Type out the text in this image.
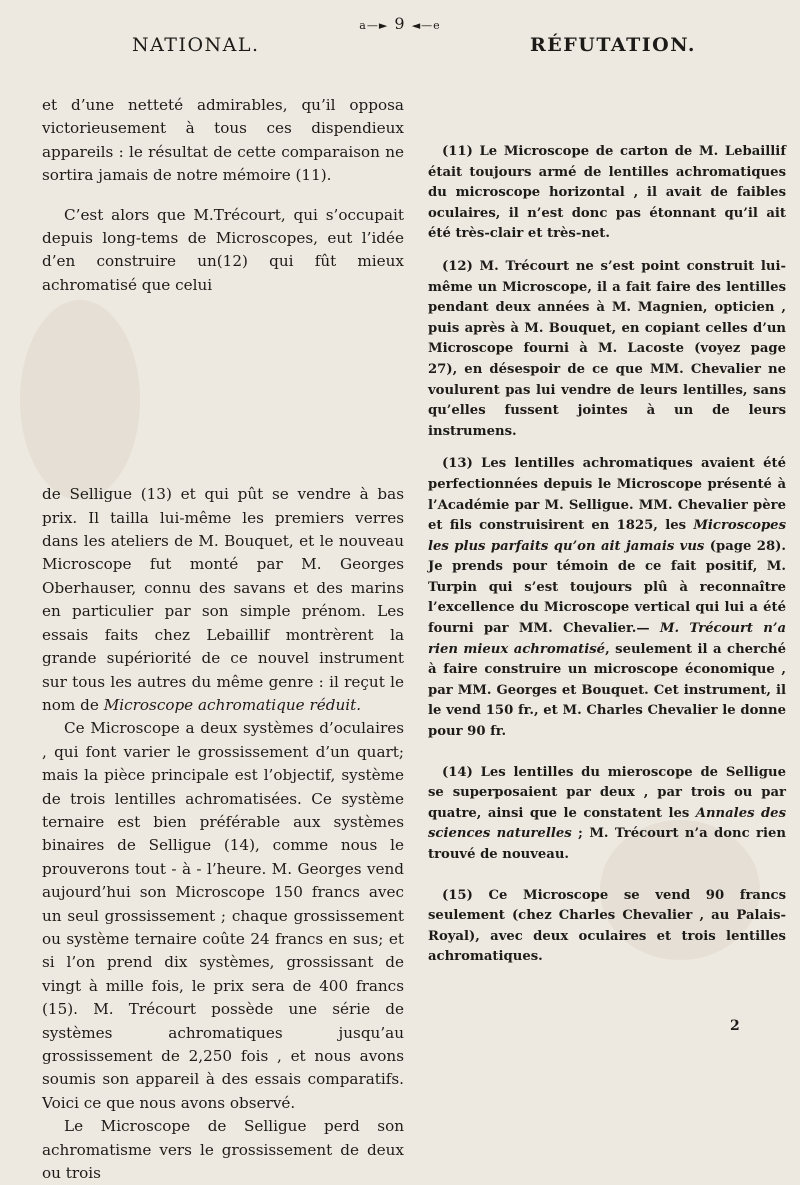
a—► 9 ◄—e
NATIONAL.	RÉFUTATION.

et d’une netteté admirables, qu’il opposa victorieusement à tous ces dispendieux appareils : le résultat de cette comparaison ne sortira jamais de notre mémoire (11).

C’est alors que M.Trécourt, qui s’occupait depuis long-tems de Microscopes, eut l’idée d’en construire un(12) qui fût mieux achromatisé que celui

de Selligue (13) et qui pût se vendre à bas prix. Il tailla lui-même les premiers verres dans les ateliers de M. Bouquet, et le nouveau Microscope fut monté par M. Georges Oberhauser, connu des savans et des marins en particulier par son simple prénom. Les essais faits chez Lebaillif montrèrent la grande supériorité de ce nouvel instrument sur tous les autres du même genre : il reçut le nom de Microscope achromatique réduit.

Ce Microscope a deux systèmes d’oculaires , qui font varier le grossissement d’un quart; mais la pièce principale est l’objectif, système de trois lentilles achromatisées. Ce système ternaire est bien préférable aux systèmes binaires de Selligue (14), comme nous le prouverons tout - à - l’heure. M. Georges vend aujourd’hui son Microscope 150 francs avec un seul grossissement ; chaque grossissement ou système ternaire coûte 24 francs en sus; et si l’on prend dix systèmes, grossissant de vingt à mille fois, le prix sera de 400 francs (15). M. Trécourt possède une série de systèmes achromatiques jusqu’au grossissement de 2,250 fois , et nous avons soumis son appareil à des essais comparatifs. Voici ce que nous avons observé.

Le Microscope de Selligue perd son achromatisme vers le grossissement de deux ou trois

(11) Le Microscope de carton de M. Lebaillif était toujours armé de lentilles achromatiques du microscope horizontal , il avait de faibles oculaires, il n’est donc pas étonnant qu’il ait été très-clair et très-net.

(12) M. Trécourt ne s’est point construit lui-même un Microscope, il a fait faire des lentilles pendant deux années à M. Magnien, opticien , puis après à M. Bouquet, en copiant celles d’un Microscope fourni à M. Lacoste (voyez page 27), en désespoir de ce que MM. Chevalier ne voulurent pas lui vendre de leurs lentilles, sans qu’elles fussent jointes à un de leurs instrumens.

(13) Les lentilles achromatiques avaient été perfectionnées depuis le Microscope présenté à l’Académie par M. Selligue. MM. Chevalier père et fils construisirent en 1825, les Microscopes les plus parfaits qu’on ait jamais vus (page 28). Je prends pour témoin de ce fait positif, M. Turpin qui s’est toujours plû à reconnaître l’excellence du Microscope vertical qui lui a été fourni par MM. Chevalier.— M. Trécourt n’a rien mieux achromatisé, seulement il a cherché à faire construire un microscope économique , par MM. Georges et Bouquet. Cet instrument, il le vend 150 fr., et M. Charles Chevalier le donne pour 90 fr.

(14) Les lentilles du mieroscope de Selligue se superposaient par deux , par trois ou par quatre, ainsi que le constatent les Annales des sciences naturelles ; M. Trécourt n’a donc rien trouvé de nouveau.

(15) Ce Microscope se vend 90 francs seulement (chez Charles Chevalier , au Palais-Royal), avec deux oculaires et trois lentilles achromatiques.

2
